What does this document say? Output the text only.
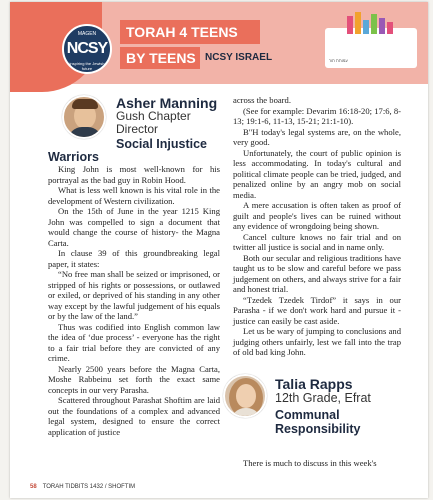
MAGEN
NCSY
inspiring the Jewish future
TORAH 4 TEENS
BY TEENS NCSY ISRAEL	עמותת תור
Asher Manning
Gush Chapter
Director
Social Injustice
Warriors

King John is most well-known for his portrayal as the bad guy in Robin Hood.

What is less well known is his vital role in the development of Western civilization.

On the 15th of June in the year 1215 King John was compelled to sign a document that would change the course of history- the Magna Carta.

In clause 39 of this groundbreaking legal paper, it states:

“No free man shall be seized or imprisoned, or stripped of his rights or possessions, or outlawed or exiled, or deprived of his standing in any other way except by the lawful judgement of his equals or by the law of the land.”

Thus was codified into English common law the idea of ‘due process’ - everyone has the right to a fair trial before they are convicted of any crime.

Nearly 2500 years before the Magna Carta, Moshe Rabbeinu set forth the exact same concepts in our very Parasha.

Scattered throughout Parashat Shoftim are laid out the foundations of a complex and advanced legal system, designed to ensure the correct application of justice

across the board.

(See for example: Devarim 16:18-20; 17:6, 8-13; 19:1-6, 11-13, 15-21; 21:1-10).

B"H today's legal systems are, on the whole, very good.

Unfortunately, the court of public opinion is less accommodating. In today's cultural and political climate people can be tried, judged, and penalized online by an angry mob on social media.

A mere accusation is often taken as proof of guilt and people's lives can be ruined without any evidence of wrongdoing being shown.

Cancel culture knows no fair trial and on twitter all justice is social and in name only.

Both our secular and religious traditions have taught us to be slow and careful before we pass judgement on others, and always strive for a fair and honest trial.

“Tzedek Tzedek Tirdof” it says in our Parasha - if we don't work hard and pursue it - justice can easily be cast aside.

Let us be wary of jumping to conclusions and judging others unfairly, lest we fall into the trap of old bad king John.

Talia Rapps
12th Grade, Efrat
Communal
Responsibility

There is much to discuss in this week's

58 TORAH TIDBITS 1432 / SHOFTIM
